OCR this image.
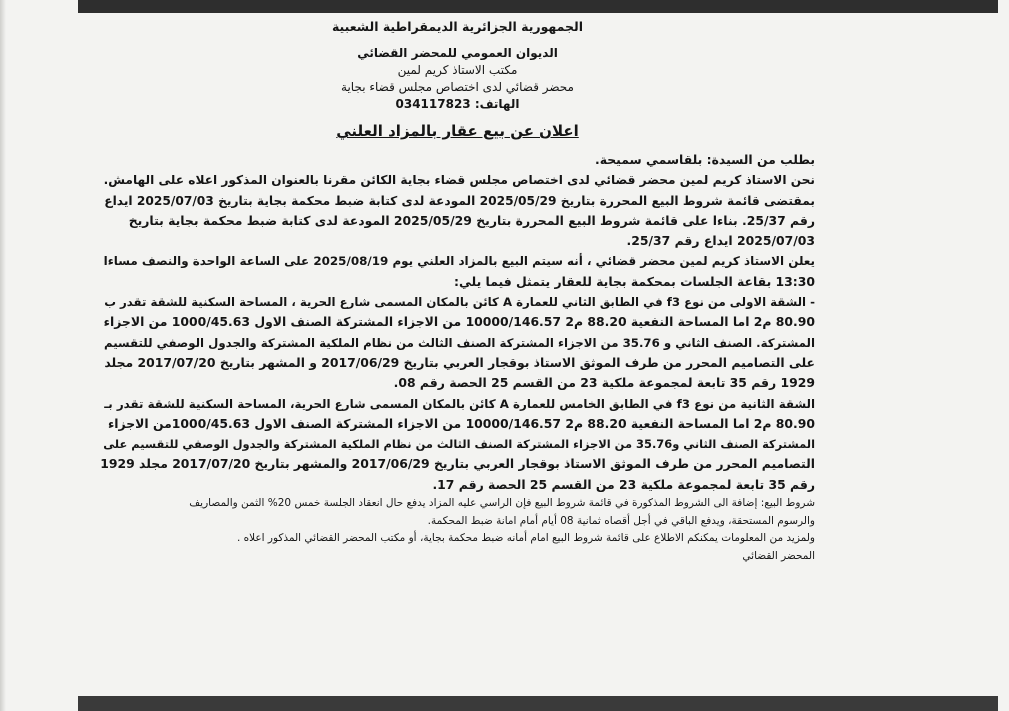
الجمهورية الجزائرية الديمقراطية الشعبية

الديوان العمومي للمحضر القضائي

مكتب الاستاذ كريم لمين

محضر قضائي لدى اختصاص مجلس قضاء بجاية

الهاتف: 034117823

اعلان عن بيع عقار بالمزاد العلني

بطلب من السيدة: بلقاسمي سميحة.

نحن الاستاذ كريم لمين محضر قضائي لدى اختصاص مجلس قضاء بجاية الكائن مقرنا بالعنوان المذكور اعلاه على الهامش.

بمقتضى قائمة شروط البيع المحررة بتاريخ 2025/05/29 المودعة لدى كتابة ضبط محكمة بجاية بتاريخ 2025/07/03 ايداع

رقم 25/37. بناءا على قائمة شروط البيع المحررة بتاريخ 2025/05/29 المودعة لدى كتابة ضبط محكمة بجاية بتاريخ

2025/07/03 ايداع رقم 25/37.

يعلن الاستاذ كريم لمين محضر قضائي ، أنه سيتم البيع بالمزاد العلني يوم 2025/08/19 على الساعة الواحدة والنصف مساءا

13:30 بقاعة الجلسات بمحكمة بجاية للعقار يتمثل فيما يلي:

- الشقة الاولى من نوع f3 في الطابق الثاني للعمارة A كائن بالمكان المسمى شارع الحرية ، المساحة السكنية للشقة تقدر ب

80.90 م2 اما المساحة النفعية 88.20 م2 10000/146.57 من الاجزاء المشتركة الصنف الاول 1000/45.63 من الاجزاء

المشتركة. الصنف الثاني و 35.76 من الاجزاء المشتركة الصنف الثالث من نظام الملكية المشتركة والجدول الوصفي للتقسيم

على التصاميم المحرر من طرف الموثق الاستاذ بوقجار العربي بتاريخ 2017/06/29 و المشهر بتاريخ 2017/07/20 مجلد

1929 رقم 35 تابعة لمجموعة ملكية 23 من القسم 25 الحصة رقم 08.

الشقة الثانية من نوع f3 في الطابق الخامس للعمارة A كائن بالمكان المسمى شارع الحرية، المساحة السكنية للشقة تقدر بـ

80.90 م2 اما المساحة النفعية 88.20 م2 10000/146.57 من الاجزاء المشتركة الصنف الاول 1000/45.63من الاجزاء

المشتركة الصنف الثاني و35.76 من الاجزاء المشتركة الصنف الثالث من نظام الملكية المشتركة والجدول الوصفي للتقسيم على

التصاميم المحرر من طرف الموثق الاستاذ بوقجار العربي بتاريخ 2017/06/29 والمشهر بتاريخ 2017/07/20 مجلد 1929

رقم 35 تابعة لمجموعة ملكية 23 من القسم 25 الحصة رقم 17.

شروط البيع: إضافة الى الشروط المذكورة في قائمة شروط البيع فإن الراسي عليه المزاد يدفع حال انعقاد الجلسة خمس 20% الثمن والمصاريف

والرسوم المستحقة، ويدفع الباقي في أجل أقصاه ثمانية 08 أيام أمام امانة ضبط المحكمة.

ولمزيد من المعلومات يمكنكم الاطلاع على قائمة شروط البيع امام أمانه ضبط محكمة بجاية، أو مكتب المحضر القضائي المذكور اعلاه .

المحضر القضائي
